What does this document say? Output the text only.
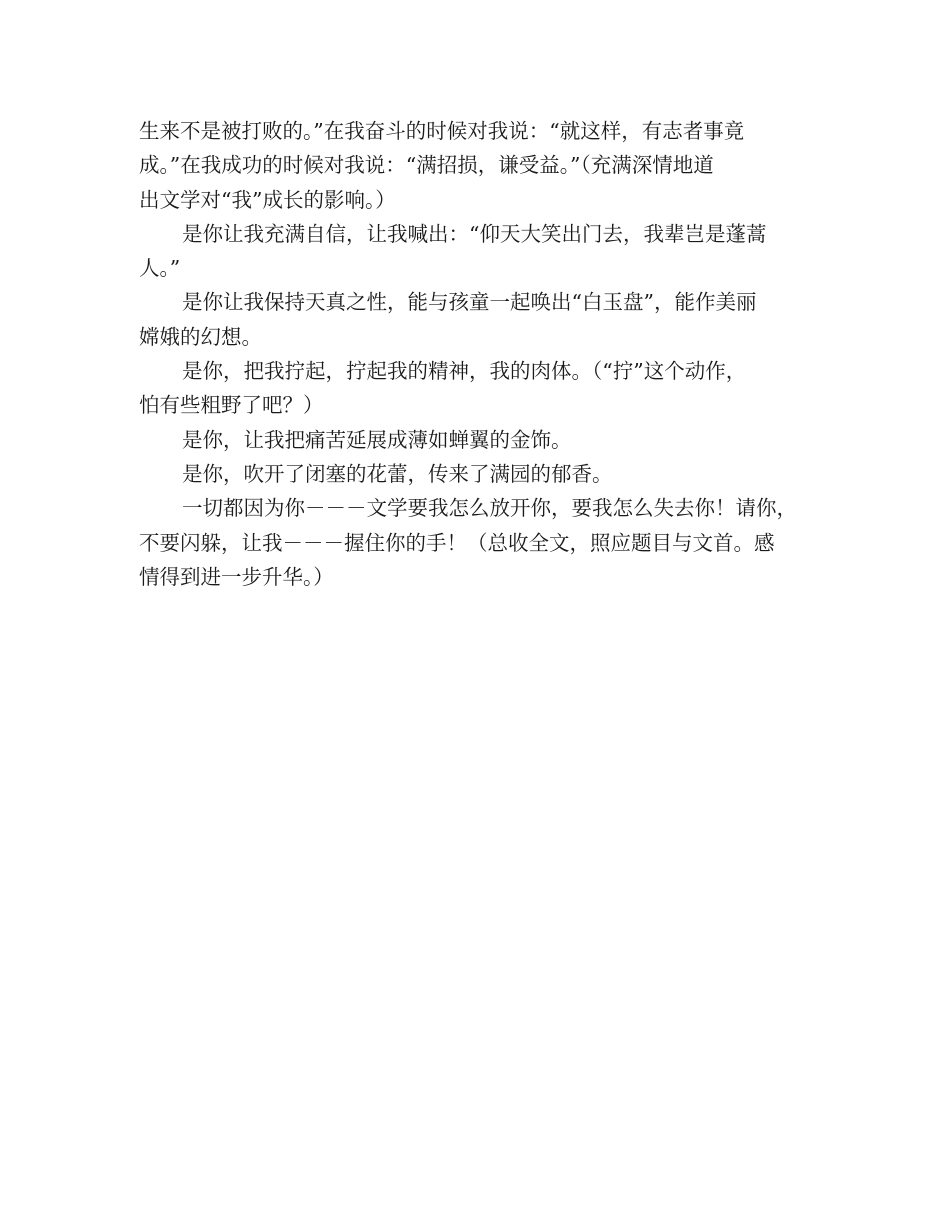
生来不是被打败的。”在我奋斗的时候对我说：“就这样，有志者事竟
成。”在我成功的时候对我说：“满招损，谦受益。”（充满深情地道
出文学对“我”成长的影响。）
是你让我充满自信，让我喊出：“仰天大笑出门去，我辈岂是蓬蒿
人。”
是你让我保持天真之性，能与孩童一起唤出“白玉盘”，能作美丽
嫦娥的幻想。
是你，把我拧起，拧起我的精神，我的肉体。（“拧”这个动作，
怕有些粗野了吧？）
是你，让我把痛苦延展成薄如蝉翼的金饰。
是你，吹开了闭塞的花蕾，传来了满园的郁香。
一切都因为你－－－文学要我怎么放开你，要我怎么失去你！请你，
不要闪躲，让我－－－握住你的手！（总收全文，照应题目与文首。感
情得到进一步升华。）
